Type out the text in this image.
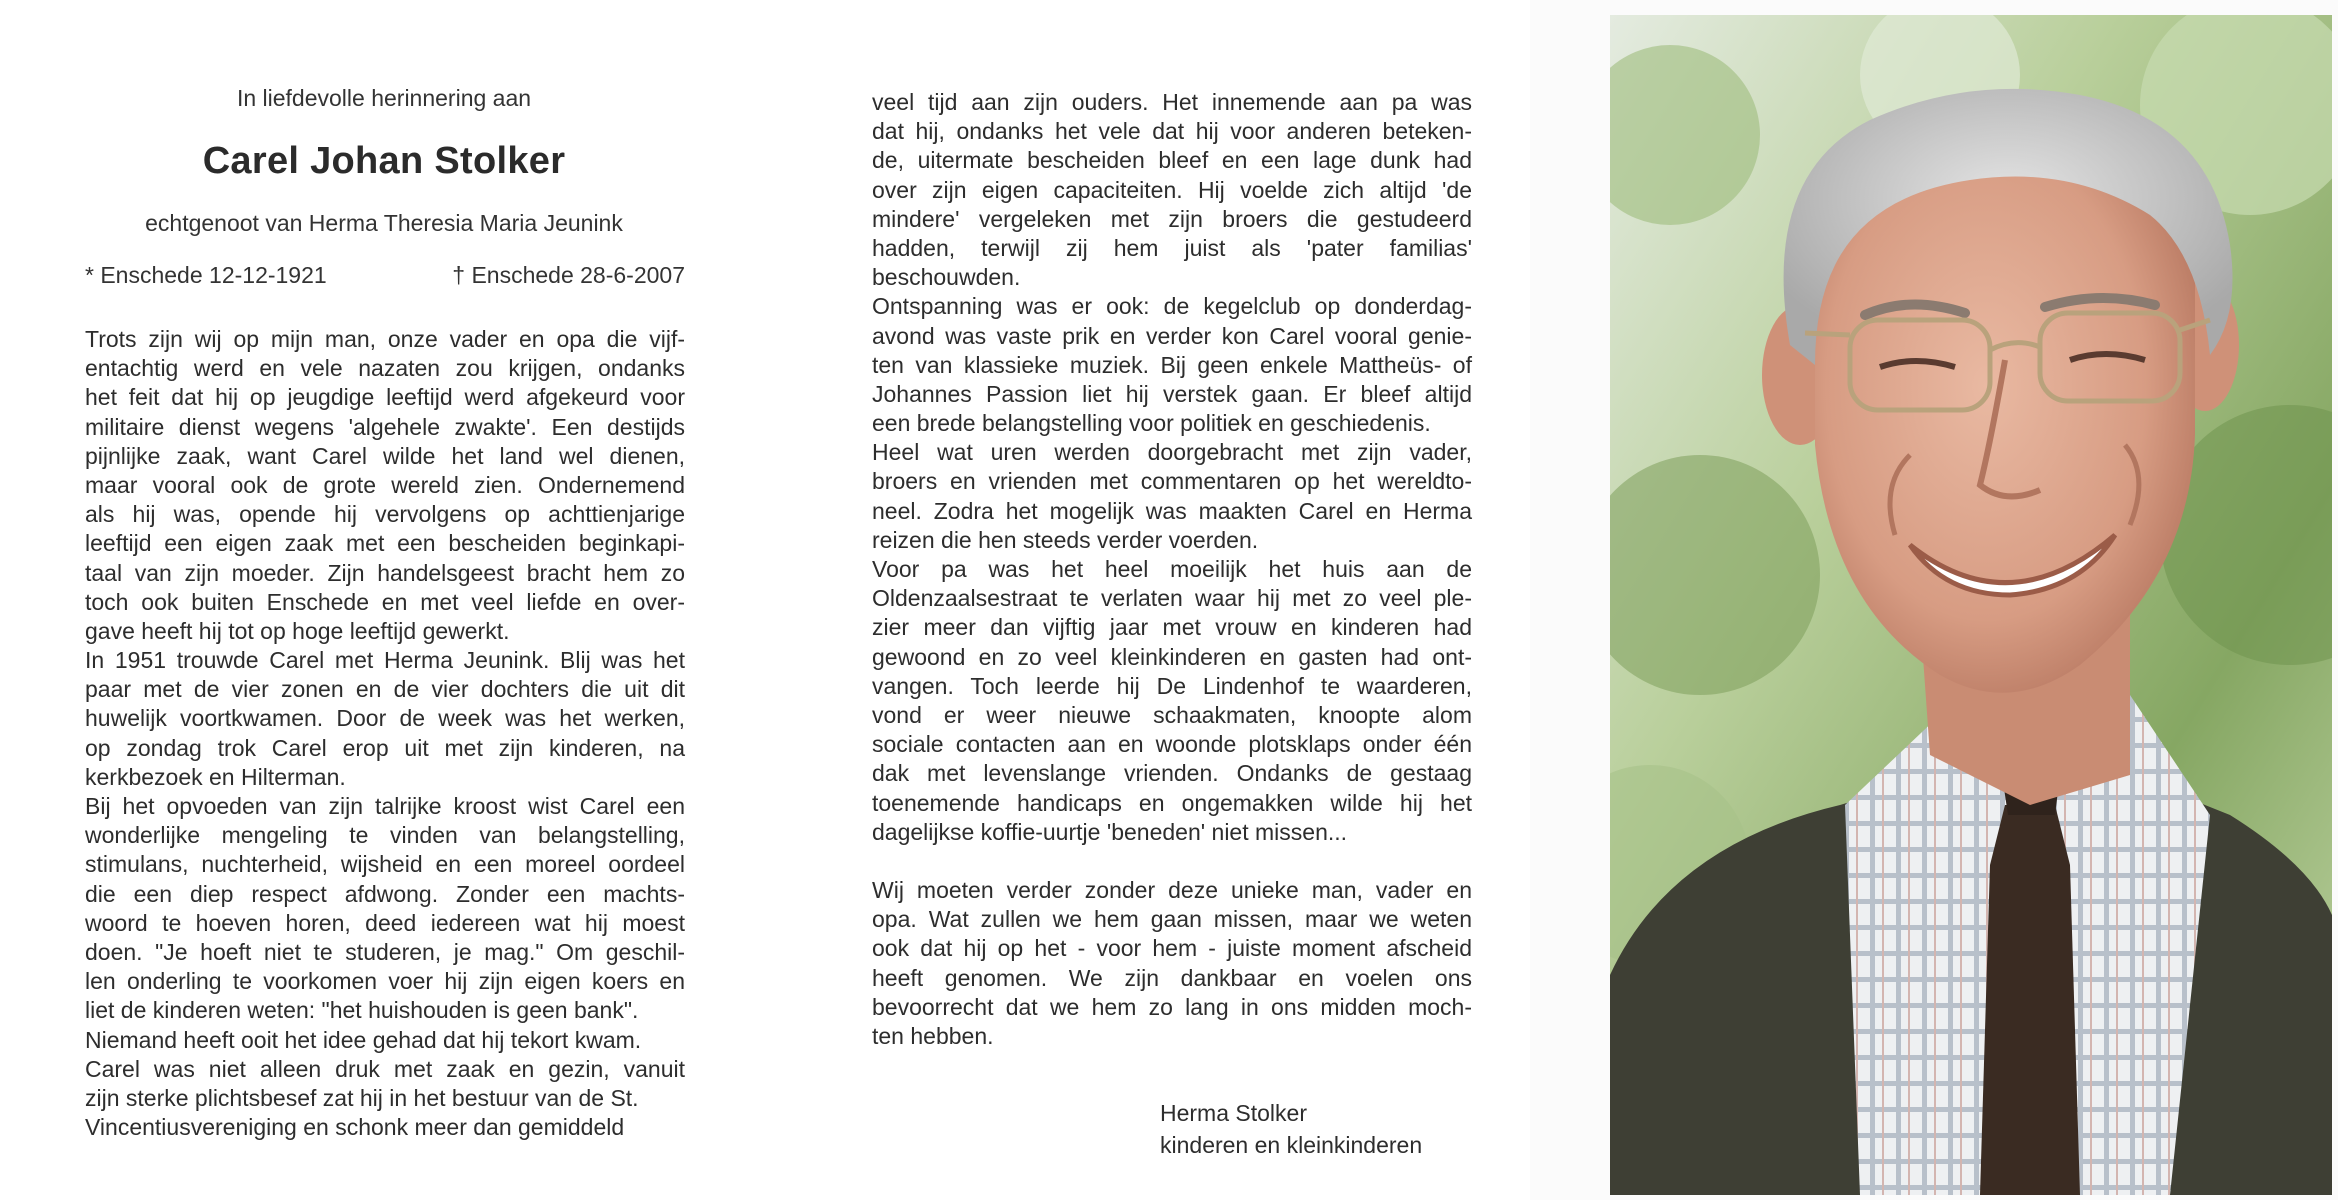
In liefdevolle herinnering aan
Carel Johan Stolker
echtgenoot van Herma Theresia Maria Jeunink
* Enschede 12-12-1921	† Enschede 28-6-2007
Trots zijn wij op mijn man, onze vader en opa die vijf-
entachtig werd en vele nazaten zou krijgen, ondanks
het feit dat hij op jeugdige leeftijd werd afgekeurd voor
militaire dienst wegens 'algehele zwakte'. Een destijds
pijnlijke zaak, want Carel wilde het land wel dienen,
maar vooral ook de grote wereld zien. Ondernemend
als hij was, opende hij vervolgens op achttienjarige
leeftijd een eigen zaak met een bescheiden beginkapi-
taal van zijn moeder. Zijn handelsgeest bracht hem zo
toch ook buiten Enschede en met veel liefde en over-
gave heeft hij tot op hoge leeftijd gewerkt.
In 1951 trouwde Carel met Herma Jeunink. Blij was het
paar met de vier zonen en de vier dochters die uit dit
huwelijk voortkwamen. Door de week was het werken,
op zondag trok Carel erop uit met zijn kinderen, na
kerkbezoek en Hilterman.
Bij het opvoeden van zijn talrijke kroost wist Carel een
wonderlijke mengeling te vinden van belangstelling,
stimulans, nuchterheid, wijsheid en een moreel oordeel
die een diep respect afdwong. Zonder een machts-
woord te hoeven horen, deed iedereen wat hij moest
doen. "Je hoeft niet te studeren, je mag." Om geschil-
len onderling te voorkomen voer hij zijn eigen koers en
liet de kinderen weten: "het huishouden is geen bank".
Niemand heeft ooit het idee gehad dat hij tekort kwam.
Carel was niet alleen druk met zaak en gezin, vanuit
zijn sterke plichtsbesef zat hij in het bestuur van de St.
Vincentiusvereniging en schonk meer dan gemiddeld
veel tijd aan zijn ouders. Het innemende aan pa was
dat hij, ondanks het vele dat hij voor anderen beteken-
de, uitermate bescheiden bleef en een lage dunk had
over zijn eigen capaciteiten. Hij voelde zich altijd 'de
mindere' vergeleken met zijn broers die gestudeerd
hadden, terwijl zij hem juist als 'pater familias'
beschouwden.
Ontspanning was er ook: de kegelclub op donderdag-
avond was vaste prik en verder kon Carel vooral genie-
ten van klassieke muziek. Bij geen enkele Mattheüs- of
Johannes Passion liet hij verstek gaan. Er bleef altijd
een brede belangstelling voor politiek en geschiedenis.
Heel wat uren werden doorgebracht met zijn vader,
broers en vrienden met commentaren op het wereldto-
neel. Zodra het mogelijk was maakten Carel en Herma
reizen die hen steeds verder voerden.
Voor pa was het heel moeilijk het huis aan de
Oldenzaalsestraat te verlaten waar hij met zo veel ple-
zier meer dan vijftig jaar met vrouw en kinderen had
gewoond en zo veel kleinkinderen en gasten had ont-
vangen. Toch leerde hij De Lindenhof te waarderen,
vond er weer nieuwe schaakmaten, knoopte alom
sociale contacten aan en woonde plotsklaps onder één
dak met levenslange vrienden. Ondanks de gestaag
toenemende handicaps en ongemakken wilde hij het
dagelijkse koffie-uurtje 'beneden' niet missen...
Wij moeten verder zonder deze unieke man, vader en
opa. Wat zullen we hem gaan missen, maar we weten
ook dat hij op het - voor hem - juiste moment afscheid
heeft genomen. We zijn dankbaar en voelen ons
bevoorrecht dat we hem zo lang in ons midden moch-
ten hebben.
Herma Stolker
kinderen en kleinkinderen
